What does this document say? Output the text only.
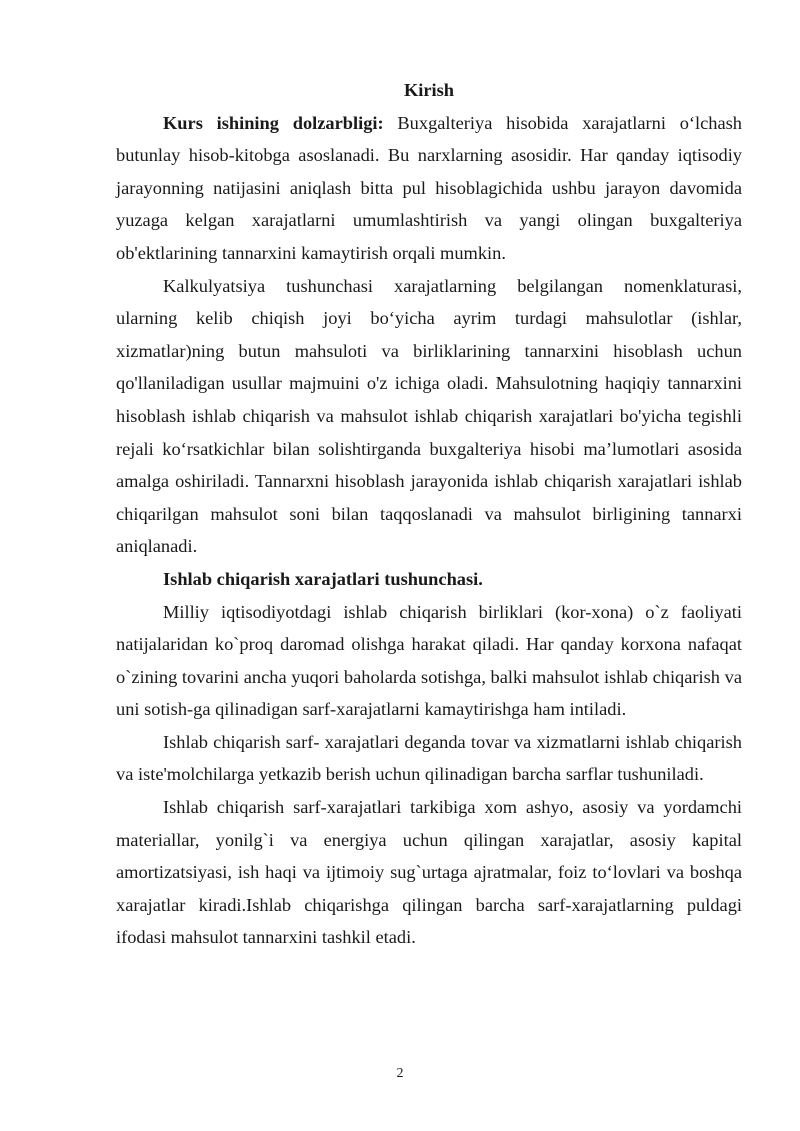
Kirish

Kurs ishining dolzarbligi: Buxgalteriya hisobida xarajatlarni o‘lchash butunlay hisob-kitobga asoslanadi. Bu narxlarning asosidir. Har qanday iqtisodiy jarayonning natijasini aniqlash bitta pul hisoblagichida ushbu jarayon davomida yuzaga kelgan xarajatlarni umumlashtirish va yangi olingan buxgalteriya ob'ektlarining tannarxini kamaytirish orqali mumkin.

Kalkulyatsiya tushunchasi xarajatlarning belgilangan nomenklaturasi, ularning kelib chiqish joyi bo‘yicha ayrim turdagi mahsulotlar (ishlar, xizmatlar)ning butun mahsuloti va birliklarining tannarxini hisoblash uchun qo'llaniladigan usullar majmuini o'z ichiga oladi. Mahsulotning haqiqiy tannarxini hisoblash ishlab chiqarish va mahsulot ishlab chiqarish xarajatlari bo'yicha tegishli rejali ko‘rsatkichlar bilan solishtirganda buxgalteriya hisobi ma’lumotlari asosida amalga oshiriladi. Tannarxni hisoblash jarayonida ishlab chiqarish xarajatlari ishlab chiqarilgan mahsulot soni bilan taqqoslanadi va mahsulot birligining tannarxi aniqlanadi.

Ishlab chiqarish xarajatlari tushunchasi.

Milliy iqtisodiyotdagi ishlab chiqarish birliklari (kor-xona) o`z faoliyati natijalaridan ko`proq daromad olishga harakat qiladi. Har qanday korxona nafaqat o`zining tovarini ancha yuqori baholarda sotishga, balki mahsulot ishlab chiqarish va uni sotish-ga qilinadigan sarf-xarajatlarni kamaytirishga ham intiladi.

Ishlab chiqarish sarf- xarajatlari deganda tovar va xizmatlarni ishlab chiqarish va iste'molchilarga yetkazib berish uchun qilinadigan barcha sarflar tushuniladi.

Ishlab chiqarish sarf-xarajatlari tarkibiga xom ashyo, asosiy va yordamchi materiallar, yonilg`i va energiya uchun qilingan xarajatlar, asosiy kapital amortizatsiyasi, ish haqi va ijtimoiy sug`urtaga ajratmalar, foiz to‘lovlari va boshqa xarajatlar kiradi.Ishlab chiqarishga qilingan barcha sarf-xarajatlarning puldagi ifodasi mahsulot tannarxini tashkil etadi.

2
